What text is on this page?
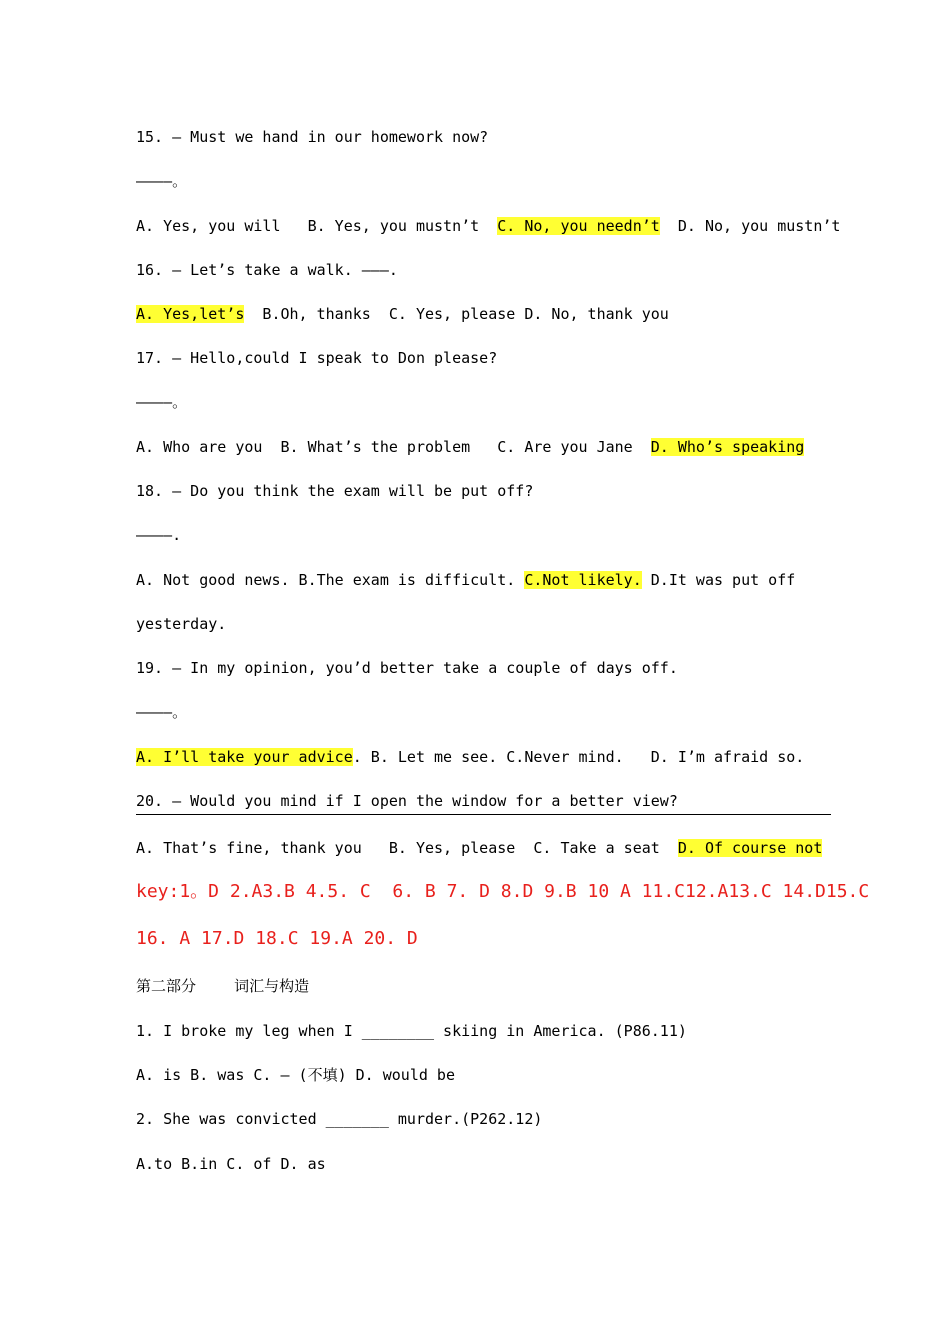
15. — Must we hand in our homework now?
————。
A. Yes, you will   B. Yes, you mustn’t  C. No, you needn’t  D. No, you mustn’t
16. — Let’s take a walk. ———.
A. Yes,let’s  B.Oh, thanks  C. Yes, please D. No, thank you
17. — Hello,could I speak to Don please?
————。
A. Who are you  B. What’s the problem   C. Are you Jane  D. Who’s speaking
18. — Do you think the exam will be put off?
————.
A. Not good news. B.The exam is difficult. C.Not likely. D.It was put off
yesterday.
19. — In my opinion, you’d better take a couple of days off.
————。
A. I’ll take your advice. B. Let me see. C.Never mind.   D. I’m afraid so.
20. — Would you mind if I open the window for a better view?
A. That’s fine, thank you   B. Yes, please  C. Take a seat  D. Of course not
key:1。D 2.A3.B 4.5. C  6. B 7. D 8.D 9.B 10 A 11.C12.A13.C 14.D15.C
16. A 17.D 18.C 19.A 20. D
第二部分        词汇与构造
1. I broke my leg when I ________ skiing in America. (P86.11)
A. is B. was C. – (不填) D. would be
2. She was convicted _______ murder.(P262.12)
A.to B.in C. of D. as
